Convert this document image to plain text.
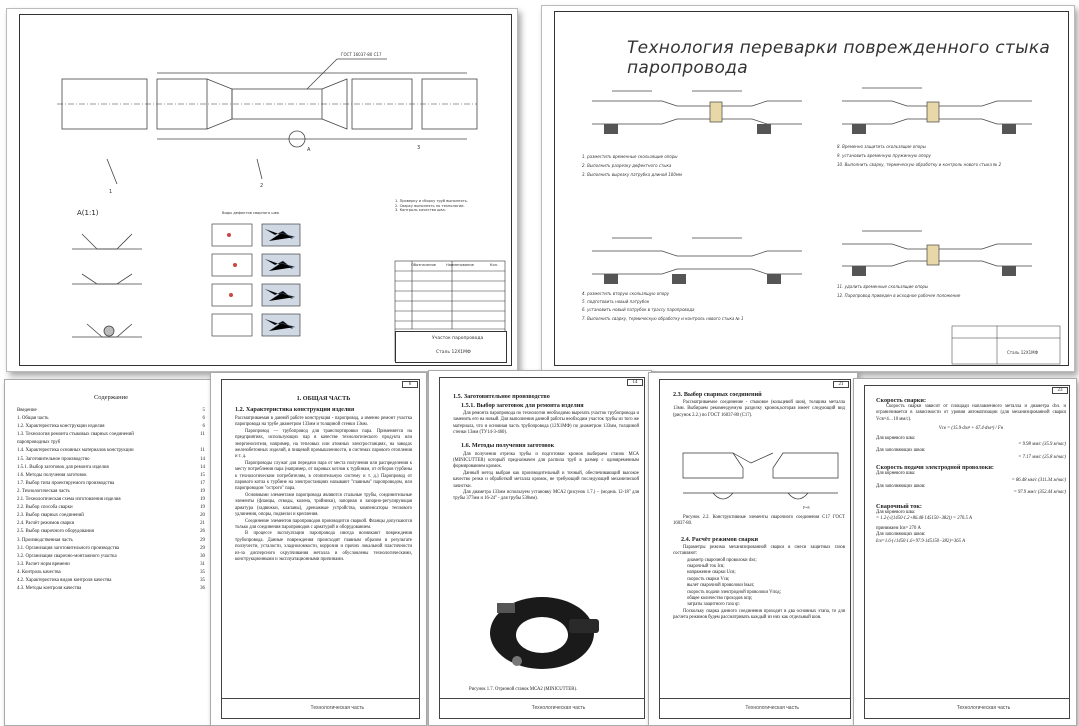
ГОСТ 16037-80 С17
1
2
3
А
А(1:1)	Виды дефектов сварного шва
1. Проверку и сборку труб выполнять.
2. Сварку выполнять по технологии.
3. Контроль качества шва.
Обозначение	Наименование	Кол.
Участок паропровода
Сталь 12Х1МФ
Технология переварки поврежденного стыка паропровода
1. разместить временные скользящие опоры
2. Выполнить разрезку дефектного стыка
3. Выполнить вырезку патрубка длиной 100мм
8. Временно защитить скользящие опоры
9. установить временную пружинную опору
10. Выполнить сварку, термическую обработку и контроль нового стыка № 2
4. разместить вторую скользящую опору
5. подготовить новый патрубок
6. установить новый патрубок в трассу паропровода
7. Выполнить сварку, термическую обработку и контроль нового стыка № 1
11. удалить временные скользящие опоры
12. Паропровод приведен в исходное рабочее положение
Сталь 12Х1МФ
Содержание
Введение	5
1. Общая часть	6
1.2. Характеристика конструкции изделия	6
1.3. Технология ремонта стыковых сварных соединений	11
паропроводных труб
1.4. Характеристика основных материалов конструкции	11
1.5. Заготовительное производство	14
1.5.1. Выбор заготовок для ремонта изделия	14
1.6. Методы получения заготовок	15
1.7. Выбор типа проектируемого производства	17
2. Технологическая часть	19
2.1. Технологическая схема изготовления изделия	19
2.2. Выбор способа сварки	19
2.3. Выбор сварных соединений	20
2.4. Расчёт режимов сварки	21
2.5. Выбор сварочного оборудования	26
3. Производственная часть	29
3.1. Организация заготовительного производства	29
3.2. Организация сварочно-монтажного участка	30
3.3. Расчет норм времени	31
4. Контроль качества	35
4.2. Характеристика видов контроля качества	35
4.3. Методы контроля качества	36
6
1. ОБЩАЯ ЧАСТЬ
1.2. Характеристика конструкции изделия
Рассматриваемая в данной работе конструкция - паропровод, а именно ремонт участка паропровода на трубе диаметром 133мм и толщиной стенки 13мм.
Паропровод — трубопровод для транспортировки пара. Применяется на предприятиях, использующих пар в качестве технологического продукта или энергоносителя, например, на тепловых или атомных электростанциях, на заводах железобетонных изделий, в пищевой промышленности, в системах парового отопления и т. д.
Паропроводы служат для передачи пара от места получения или распределения к месту потребления пара (например, от паровых котлов к турбинам, от отборов турбины к технологическим потребителям, в отопительную систему и т. д.) Паропровод от парового котла к турбине на электростанциях называют "главным" паропроводом, или паропроводом "острого" пара.
Основными элементами паропровода являются стальные трубы, соединительные элементы (фланцы, отводы, колена, тройники), запорная и запорно-регулирующая арматура (задвижки, клапаны), дренажные устройства, компенсаторы теплового удлинения, опоры, подвески и крепления.
Соединение элементов паропроводов производится сваркой. Фланцы допускаются только для соединения паропроводов с арматурой и оборудованием.
В процессе эксплуатации паропровода иногда возникают повреждения трубопровода. Данные повреждения происходят главным образом в результате ползучести, усталости, хладноломкости, коррозии и прочих локальной пластичности из-за дисперсного охрупчивания металла и обусловлены технологическими, конструкционными и эксплуатационными причинами.
Технологическая часть
14
1.5. Заготовительное производство
1.5.1. Выбор заготовок для ремонта изделия
Для ремонта паропровода по технологии необходимо вырезать участок трубопровода и заменить его на новый. Для выполнения данной работы необходим участок трубы из того же материала, что и основная часть трубопровода (12Х1МФ) по диаметром 133мм, толщиной стенки 13мм (ТУ14-3-460).
1.6. Методы получения заготовок
Для получения отрезка трубы и подготовки кромок выбираем станок МСА (MINICUTTER) который предназначен для распила труб в размер с одновременным формированием кромок.
Данный метод выбран как производительный и точный, обеспечивающий высокое качество резки и обработкой металла кромок, не требующий последующей механической зачистки.
Для диаметра 133мм используем установку МСА2 (рисунок 1.7.) – (модель 12-18'' для трубы 377мм и 16-24'' - для трубы 530мм).
Рисунок 1.7. Отрезной станок МСА2 (MINICUTTER).
Технологическая часть
21
2.3. Выбор сварных соединений
Рассматриваемое соединение - стыковое (кольцевой шов), толщина металла 13мм. Выбираем рекомендуемую разделку кромок,которая имеет следующий вид (рисунок 2.2.) по ГОСТ 16037-80 (С17).
F=8
Рисунок 2.2. Конструктивные элементы сварочного соединения С17 ГОСТ 16037-80.
2.4. Расчёт режимов сварки
Параметры режима механизированной сварки в смеси защитных газов составляют:
диаметр сварочной проволоки dэл;
сварочный ток Iсв;
напряжение сварки Uсв;
скорость сварки Vсв;
вылет сварочной проволоки lвыл;
скорость подачи электродной проволоки Vпод;
общее количество проходов nпр;
затраты защитного газа qг.
Поскольку сварка данного соединения проходит в два основных этапа, то для расчета режимов будем рассматривать каждый из них как отдельный шов.
Технологическая часть
23
Скорость сварки:
Скорость сварки зависит от площади наплавленного металла и диаметра dэл. и ограничивается в зависимости от уровня автоматизации (для механизированной сварки Vсв=4…10 мм/с).
Vсв = (15.9·dэл³ + 67.4·dэл²) / Fн
Для корневого шва:
= 9.98 мм/с (35.9 м/час)
Для заполняющих швов:
= 7.17 мм/с (25.8 м/час)
Скорость подачи электродной проволоки:
Для корневого шва:
= 86.48 мм/с (311.34 м/час)
Для заполняющих швов:
= 97.9 мм/с (352.44 м/час)
Сварочный ток:
Для корневого шва:
= 1.2·(√(1450·1.2+86.48·145150−382)) = 270.5 А
принимаем Iсв= 270 А
Для заполняющих швов:
Iсв=1.6·(√1450·1.6+97.9·145150−382)=365 А
Технологическая часть
